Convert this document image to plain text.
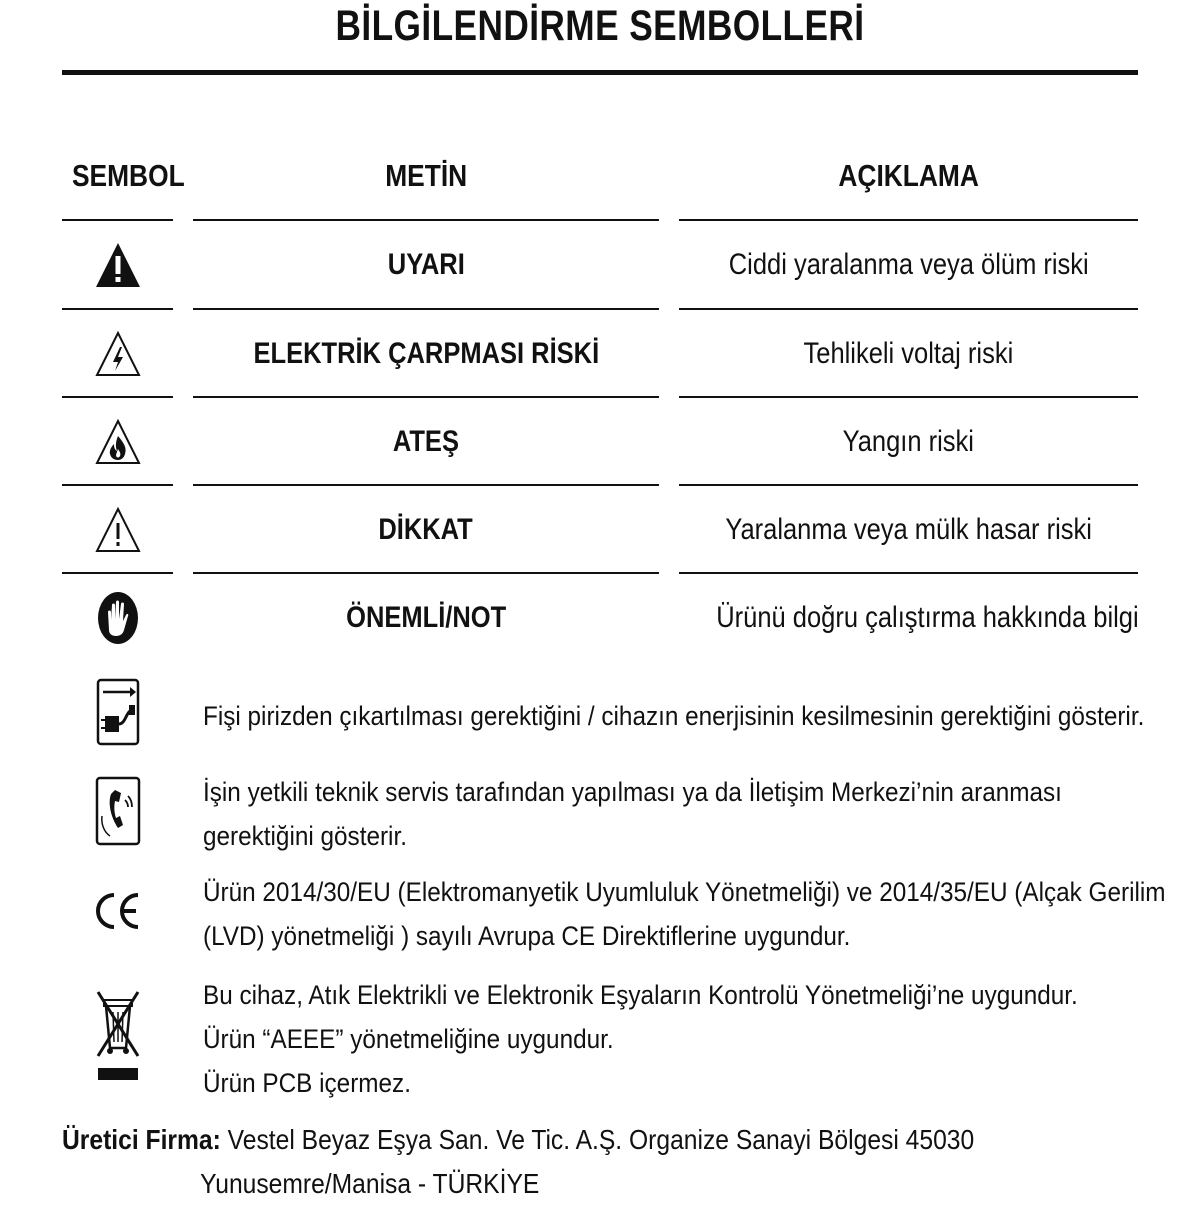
BİLGİLENDİRME SEMBOLLERİ
SEMBOL	METİN	AÇIKLAMA
UYARI	Ciddi yaralanma veya ölüm riski
ELEKTRİK ÇARPMASI RİSKİ	Tehlikeli voltaj riski
ATEŞ	Yangın riski
DİKKAT	Yaralanma veya mülk hasar riski
ÖNEMLİ/NOT	Ürünü doğru çalıştırma hakkında bilgi
Fişi pirizden çıkartılması gerektiğini / cihazın enerjisinin kesilmesinin gerektiğini gösterir.
İşin yetkili teknik servis tarafından yapılması ya da İletişim Merkezi’nin aranması
gerektiğini gösterir.
Ürün 2014/30/EU (Elektromanyetik Uyumluluk Yönetmeliği) ve 2014/35/EU (Alçak Gerilim
(LVD) yönetmeliği ) sayılı Avrupa CE Direktiflerine uygundur.
Bu cihaz, Atık Elektrikli ve Elektronik Eşyaların Kontrolü Yönetmeliği’ne uygundur.
Ürün “AEEE” yönetmeliğine uygundur.
Ürün PCB içermez.
Üretici Firma: Vestel Beyaz Eşya San. Ve Tic. A.Ş. Organize Sanayi Bölgesi 45030
Yunusemre/Manisa - TÜRKİYE
